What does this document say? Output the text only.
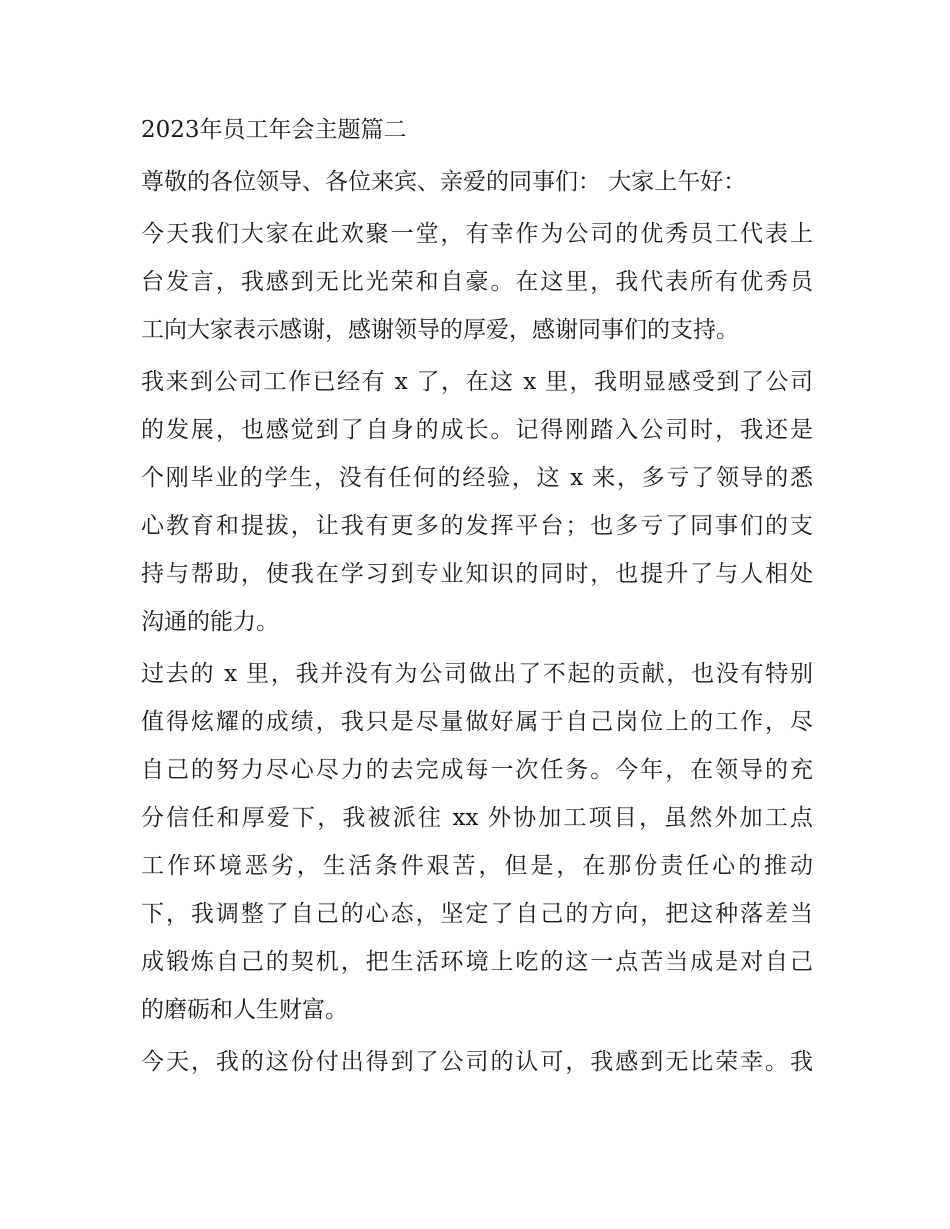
2023年员工年会主题篇二
尊敬的各位领导、各位来宾、亲爱的同事们： 大家上午好：
今天我们大家在此欢聚一堂，有幸作为公司的优秀员工代表上
台发言，我感到无比光荣和自豪。在这里，我代表所有优秀员
工向大家表示感谢，感谢领导的厚爱，感谢同事们的支持。
我来到公司工作已经有 x 了，在这 x 里，我明显感受到了公司
的发展，也感觉到了自身的成长。记得刚踏入公司时，我还是
个刚毕业的学生，没有任何的经验，这 x 来，多亏了领导的悉
心教育和提拔，让我有更多的发挥平台；也多亏了同事们的支
持与帮助，使我在学习到专业知识的同时，也提升了与人相处
沟通的能力。
过去的 x 里，我并没有为公司做出了不起的贡献，也没有特别
值得炫耀的成绩，我只是尽量做好属于自己岗位上的工作，尽
自己的努力尽心尽力的去完成每一次任务。今年，在领导的充
分信任和厚爱下，我被派往 xx 外协加工项目，虽然外加工点
工作环境恶劣，生活条件艰苦，但是，在那份责任心的推动
下，我调整了自己的心态，坚定了自己的方向，把这种落差当
成锻炼自己的契机，把生活环境上吃的这一点苦当成是对自己
的磨砺和人生财富。
今天，我的这份付出得到了公司的认可，我感到无比荣幸。我
